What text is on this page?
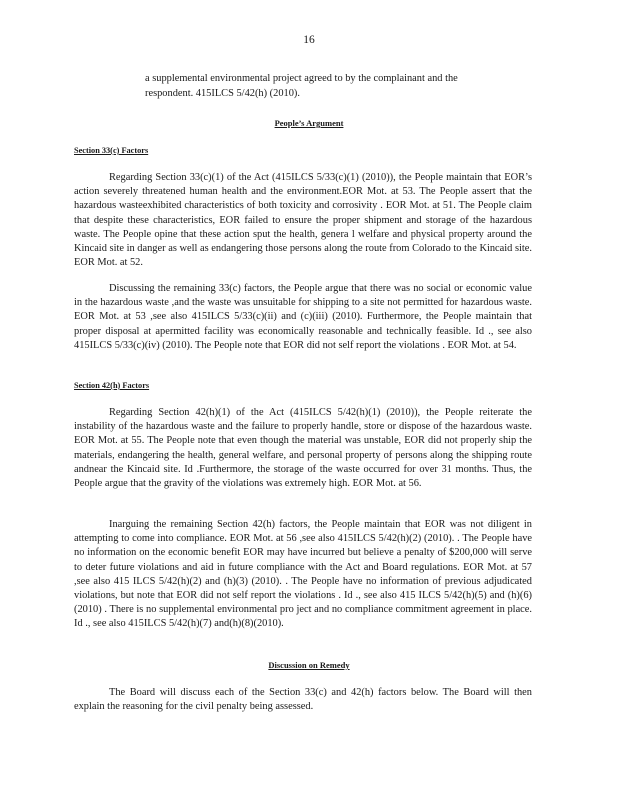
16
a supplemental environmental project agreed to by the complainant and the respondent. 415ILCS 5/42(h) (2010).
People’s Argument
Section 33(c) Factors

Regarding Section 33(c)(1) of the Act (415ILCS 5/33(c)(1) (2010)), the People maintain that EOR’s action severely threatened human health and the environment.EOR Mot. at 53. The People assert that the hazardous wasteexhibited characteristics of both toxicity and corrosivity . EOR Mot. at 51. The People claim that despite these characteristics, EOR failed to ensure the proper shipment and storage of the hazardous waste. The People opine that these action sput the health, genera l welfare and physical property around the Kincaid site in danger as well as endangering those persons along the route from Colorado to the Kincaid site. EOR Mot. at 52.

Discussing the remaining 33(c) factors, the People argue that there was no social or economic value in the hazardous waste ,and the waste was unsuitable for shipping to a site not permitted for hazardous waste. EOR Mot. at 53 ,see also 415ILCS 5/33(c)(ii) and (c)(iii) (2010). Furthermore, the People maintain that proper disposal at apermitted facility was economically reasonable and technically feasible. Id ., see also 415ILCS 5/33(c)(iv) (2010). The People note that EOR did not self report the violations . EOR Mot. at 54.

Section 42(h) Factors

Regarding Section 42(h)(1) of the Act (415ILCS 5/42(h)(1) (2010)), the People reiterate the instability of the hazardous waste and the failure to properly handle, store or dispose of the hazardous waste. EOR Mot. at 55. The People note that even though the material was unstable, EOR did not properly ship the materials, endangering the health, general welfare, and personal property of persons along the shipping route andnear the Kincaid site. Id .Furthermore, the storage of the waste occurred for over 31 months. Thus, the People argue that the gravity of the violations was extremely high. EOR Mot. at 56.

Inarguing the remaining Section 42(h) factors, the People maintain that EOR was not diligent in attempting to come into compliance. EOR Mot. at 56 ,see also 415ILCS 5/42(h)(2) (2010). . The People have no information on the economic benefit EOR may have incurred but believe a penalty of $200,000 will serve to deter future violations and aid in future compliance with the Act and Board regulations. EOR Mot. at 57 ,see also 415 ILCS 5/42(h)(2) and (h)(3) (2010). . The People have no information of previous adjudicated violations, but note that EOR did not self report the violations . Id ., see also 415 ILCS 5/42(h)(5) and (h)(6) (2010) . There is no supplemental environmental pro ject and no compliance commitment agreement in place. Id ., see also 415ILCS 5/42(h)(7) and(h)(8)(2010).

Discussion on Remedy

The Board will discuss each of the Section 33(c) and 42(h) factors below. The Board will then explain the reasoning for the civil penalty being assessed.
